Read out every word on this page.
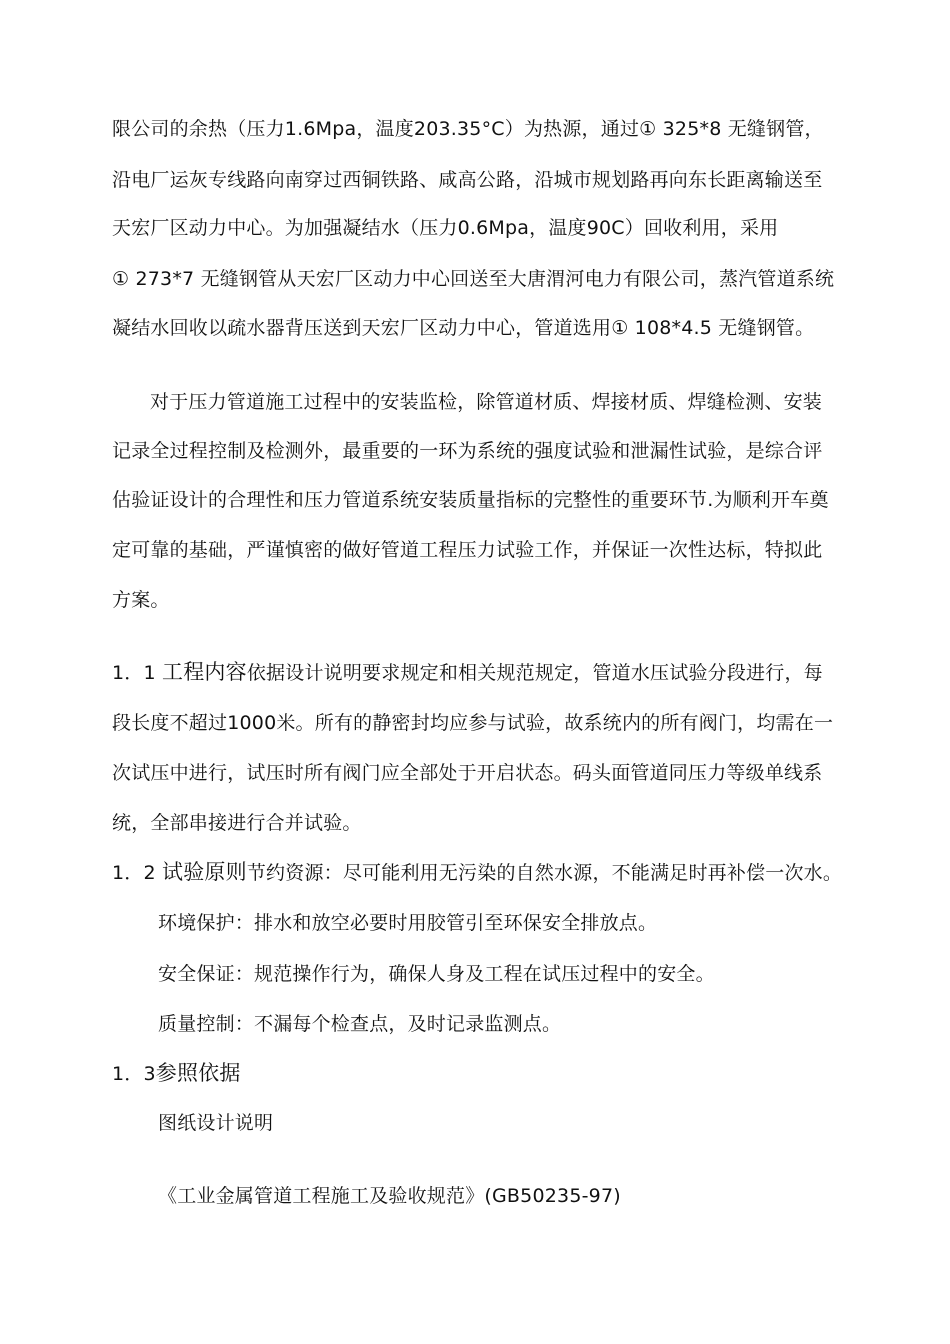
限公司的余热（压力1.6Mpa，温度203.35°C）为热源，通过① 325*8 无缝钢管，
沿电厂运灰专线路向南穿过西铜铁路、咸高公路，沿城市规划路再向东长距离输送至
天宏厂区动力中心。为加强凝结水（压力0.6Mpa，温度90C）回收利用，采用
① 273*7 无缝钢管从天宏厂区动力中心回送至大唐渭河电力有限公司，蒸汽管道系统
凝结水回收以疏水器背压送到天宏厂区动力中心，管道选用① 108*4.5 无缝钢管。
对于压力管道施工过程中的安装监检，除管道材质、焊接材质、焊缝检测、安装
记录全过程控制及检测外，最重要的一环为系统的强度试验和泄漏性试验，是综合评
估验证设计的合理性和压力管道系统安装质量指标的完整性的重要环节.为顺利开车奠
定可靠的基础，严谨慎密的做好管道工程压力试验工作，并保证一次性达标，特拟此
方案。
1．1 工程内容依据设计说明要求规定和相关规范规定，管道水压试验分段进行，每
段长度不超过1000米。所有的静密封均应参与试验，故系统内的所有阀门，均需在一
次试压中进行，试压时所有阀门应全部处于开启状态。码头面管道同压力等级单线系
统，全部串接进行合并试验。
1．2 试验原则节约资源：尽可能利用无污染的自然水源，不能满足时再补偿一次水。
环境保护：排水和放空必要时用胶管引至环保安全排放点。
安全保证：规范操作行为，确保人身及工程在试压过程中的安全。
质量控制：不漏每个检查点，及时记录监测点。
1．3参照依据
图纸设计说明
《工业金属管道工程施工及验收规范》(GB50235-97)
